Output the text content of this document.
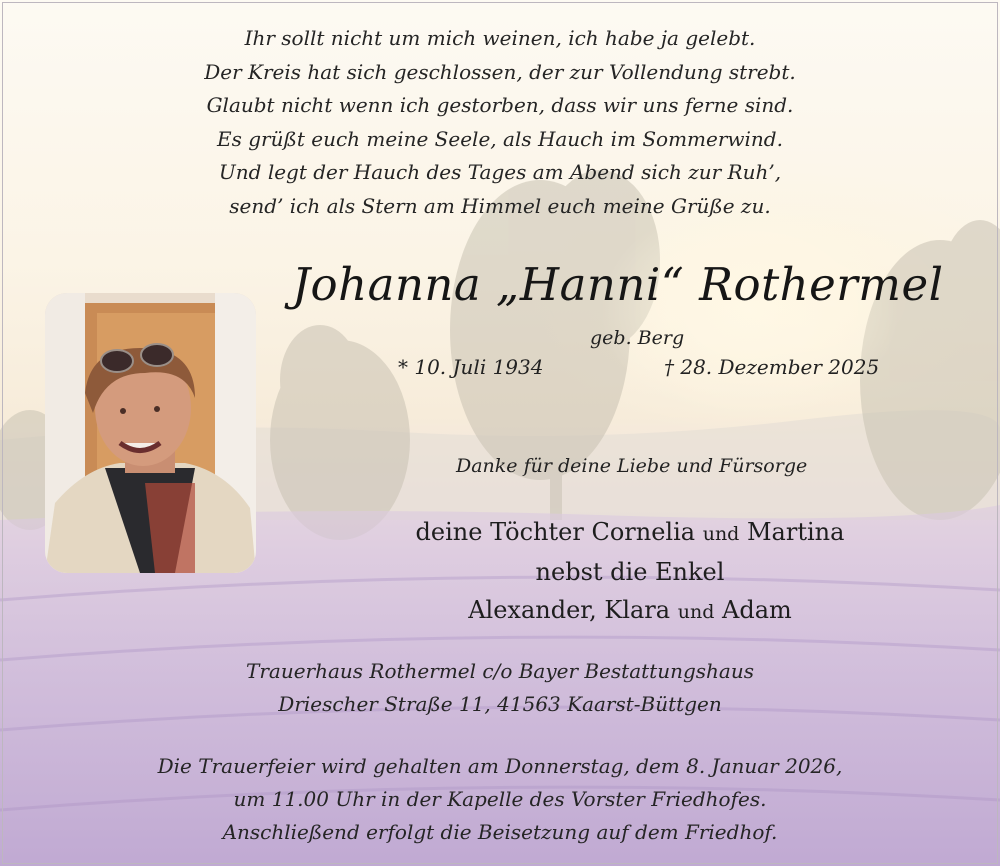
Ihr sollt nicht um mich weinen, ich habe ja gelebt.
Der Kreis hat sich geschlossen, der zur Vollendung strebt.
Glaubt nicht wenn ich gestorben, dass wir uns ferne sind.
Es grüßt euch meine Seele, als Hauch im Sommerwind.
Und legt der Hauch des Tages am Abend sich zur Ruh’,
send’ ich als Stern am Himmel euch meine Grüße zu.
Johanna „Hanni“ Rothermel
geb. Berg
* 10. Juli 1934	† 28. Dezember 2025
Danke für deine Liebe und Fürsorge
deine Töchter Cornelia und Martina
nebst die Enkel
Alexander, Klara und Adam
Trauerhaus Rothermel c/o Bayer Bestattungshaus
Driescher Straße 11, 41563 Kaarst-Büttgen
Die Trauerfeier wird gehalten am Donnerstag, dem 8. Januar 2026,
um 11.00 Uhr in der Kapelle des Vorster Friedhofes.
Anschließend erfolgt die Beisetzung auf dem Friedhof.
